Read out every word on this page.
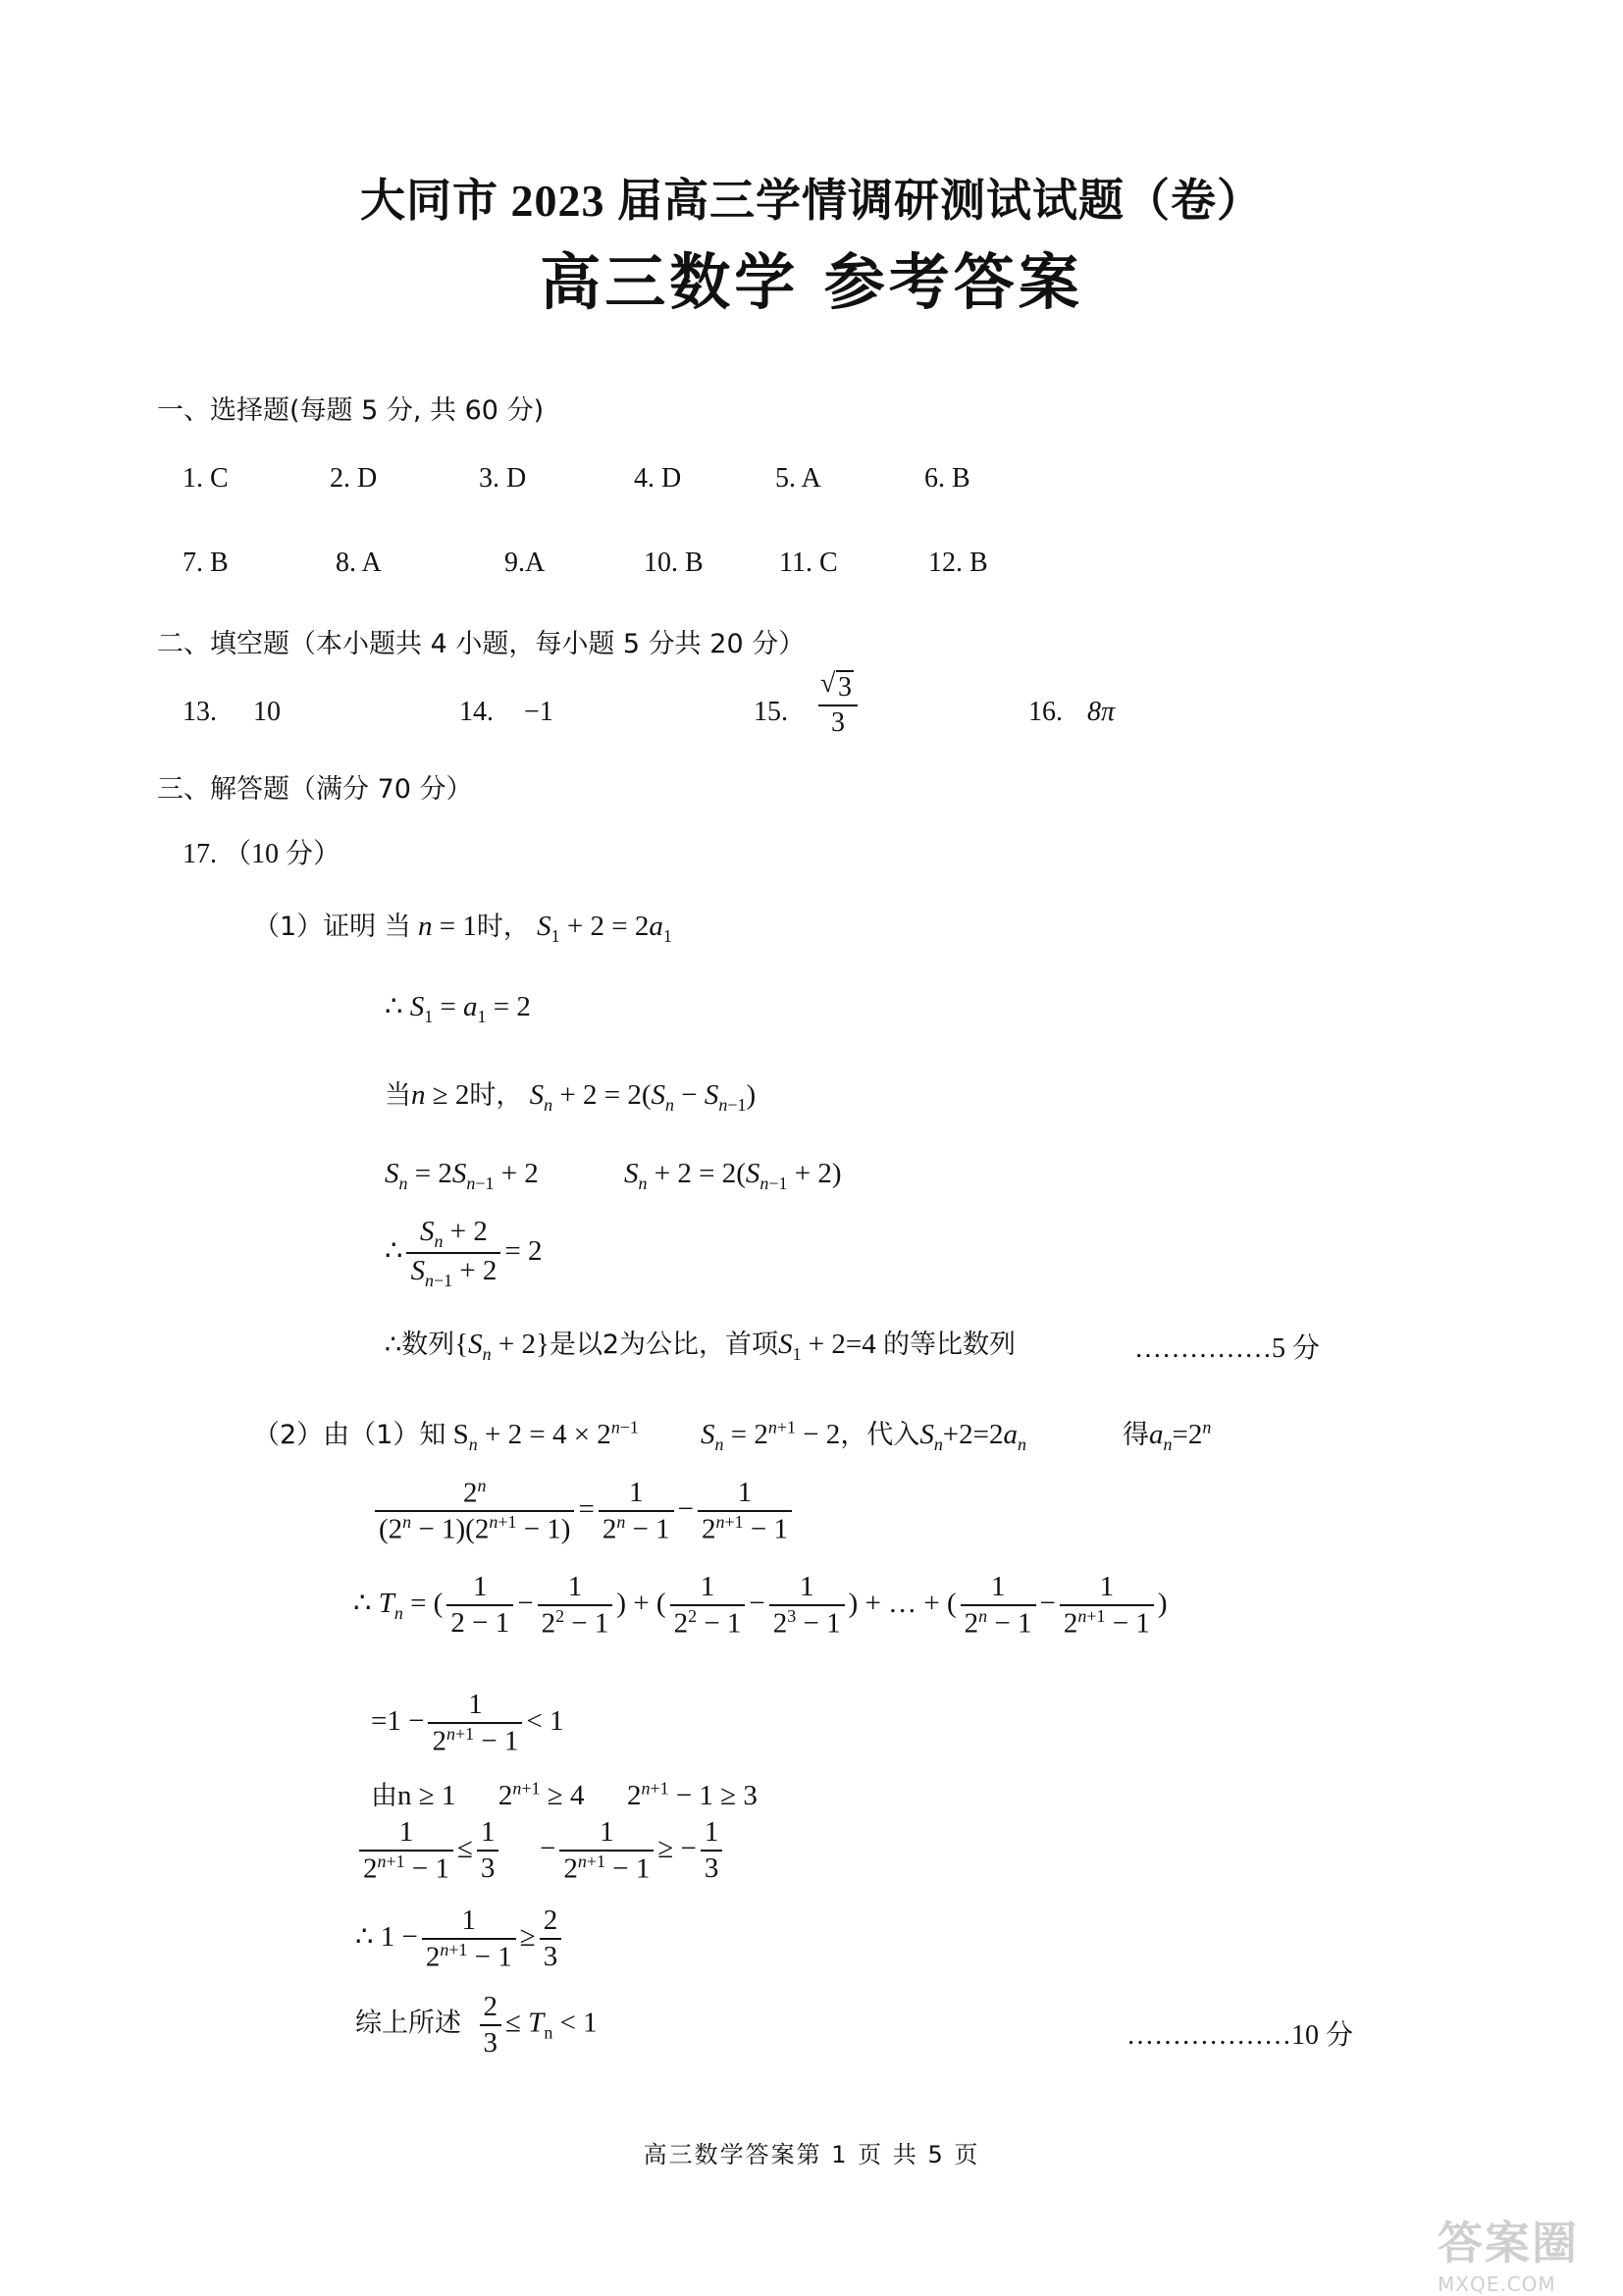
大同市 2023 届高三学情调研测试试题（卷）
高三数学 参考答案
一、选择题(每题 5 分, 共 60 分)
1. C	2. D	3. D	4. D	5. A	6. B
7. B	8. A	9.A	10. B	11. C	12. B
二、填空题（本小题共 4 小题，每小题 5 分共 20 分）
13. 10	14. −1	15.
√ $\frac{3}{3}$	16. 8π
三、解答题（满分 70 分）
17. （10 分）
（1）证明 当 n = 1时， $S_1 + 2 = 2a_1$
∴ $S_1 = a_1 = 2$
当n ≥ 2时， $S_n + 2 = 2(S_n - S_{n-1})$
$S_n = 2S_{n-1} + 2$	$S_n + 2 = 2(S_{n-1} + 2)$
∴ $\frac{S_n + 2}{S_{n-1} + 2} = 2$
∴数列$\{S_n + 2\}$是以2为公比，首项$S_1 + 2=4$ 的等比数列	……………5 分
（2）由（1）知 $S_n + 2 = 4 \times 2^{n-1}$ $S_n = 2^{n+1} - 2$，代入$S_n+2=2a_n$	得$a_n=2^n$
$\frac{2^n}{(2^n - 1)(2^{n+1} - 1)} = \frac{1}{2^n - 1} - \frac{1}{2^{n+1} - 1}$
∴ $T_n$ = ( $\frac{1}{2 - 1} - \frac{1}{2^2 - 1}$ ) + ( $\frac{1}{2^2 - 1} - \frac{1}{2^3 - 1}$ ) + … + ( $\frac{1}{2^n - 1} - \frac{1}{2^{n+1} - 1}$ )
$=1 - \frac{1}{2^{n+1} - 1} < 1$
由n ≥ 1      $2^{n+1} \ge 4$      $2^{n+1} - 1 \ge 3$
$\frac{1}{2^{n+1} - 1} \le \frac{1}{3} - \frac{1}{2^{n+1} - 1}$ ≥ − $\frac{1}{3}$
∴ $1 - \frac{1}{2^{n+1} - 1} \ge \frac{2}{3}$
综上所述 $\frac{2}{3} \le T_n < 1$	………………10 分
高三数学答案第 1 页 共 5 页
答案圈
MXQE.COM
